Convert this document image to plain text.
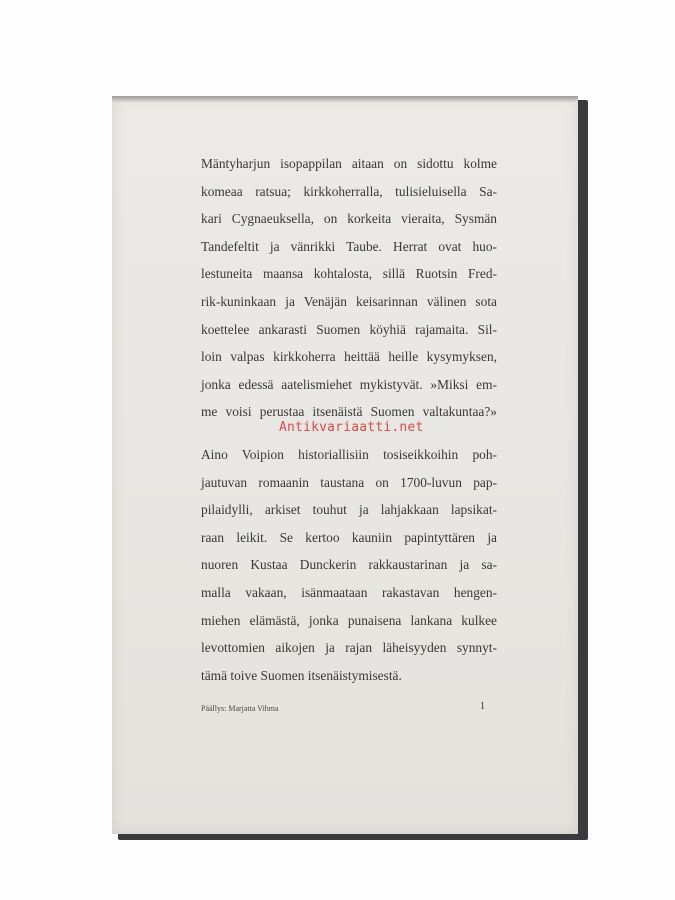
Mäntyharjun isopappilan aitaan on sidottu kolme
komeaa ratsua; kirkkoherralla, tulisieluisella Sa-
kari Cygnaeuksella, on korkeita vieraita, Sysmän
Tandefeltit ja vänrikki Taube. Herrat ovat huo-
lestuneita maansa kohtalosta, sillä Ruotsin Fred-
rik-kuninkaan ja Venäjän keisarinnan välinen sota
koettelee ankarasti Suomen köyhiä rajamaita. Sil-
loin valpas kirkkoherra heittää heille kysymyksen,
jonka edessä aatelismiehet mykistyvät. »Miksi em-
me voisi perustaa itsenäistä Suomen valtakuntaa?»
Aino Voipion historiallisiin tosiseikkoihin poh-
jautuvan romaanin taustana on 1700-luvun pap-
pilaidylli, arkiset touhut ja lahjakkaan lapsikat-
raan leikit. Se kertoo kauniin papintyttären ja
nuoren Kustaa Dunckerin rakkaustarinan ja sa-
malla vakaan, isänmaataan rakastavan hengen-
miehen elämästä, jonka punaisena lankana kulkee
levottomien aikojen ja rajan läheisyyden synnyt-
tämä toive Suomen itsenäistymisestä.
Antikvariaatti.net
Päällys: Marjatta Vihma	1
